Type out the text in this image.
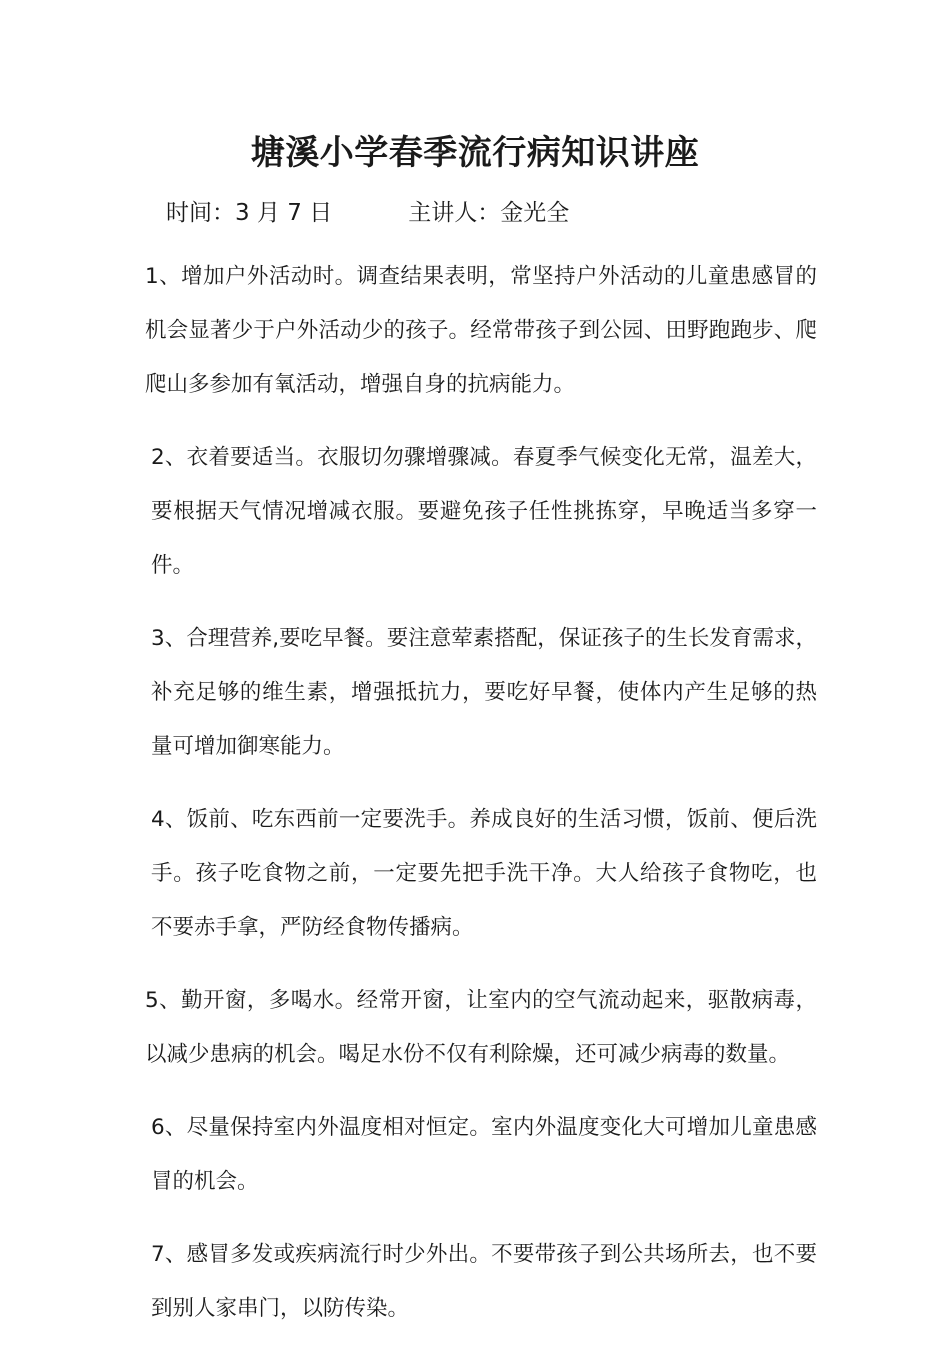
塘溪小学春季流行病知识讲座
时间：3 月 7 日	主讲人：金光全

1、增加户外活动时。调查结果表明，常坚持户外活动的儿童患感冒的机会显著少于户外活动少的孩子。经常带孩子到公园、田野跑跑步、爬爬山多参加有氧活动，增强自身的抗病能力。

2、衣着要适当。衣服切勿骤增骤减。春夏季气候变化无常，温差大，要根据天气情况增减衣服。要避免孩子任性挑拣穿，早晚适当多穿一件。

3、合理营养,要吃早餐。要注意荤素搭配，保证孩子的生长发育需求，补充足够的维生素，增强抵抗力，要吃好早餐，使体内产生足够的热量可增加御寒能力。

4、饭前、吃东西前一定要洗手。养成良好的生活习惯，饭前、便后洗手。孩子吃食物之前，一定要先把手洗干净。大人给孩子食物吃，也不要赤手拿，严防经食物传播病。

5、勤开窗，多喝水。经常开窗，让室内的空气流动起来，驱散病毒，以减少患病的机会。喝足水份不仅有利除燥，还可减少病毒的数量。

6、尽量保持室内外温度相对恒定。室内外温度变化大可增加儿童患感冒的机会。

7、感冒多发或疾病流行时少外出。不要带孩子到公共场所去，也不要到别人家串门，以防传染。
